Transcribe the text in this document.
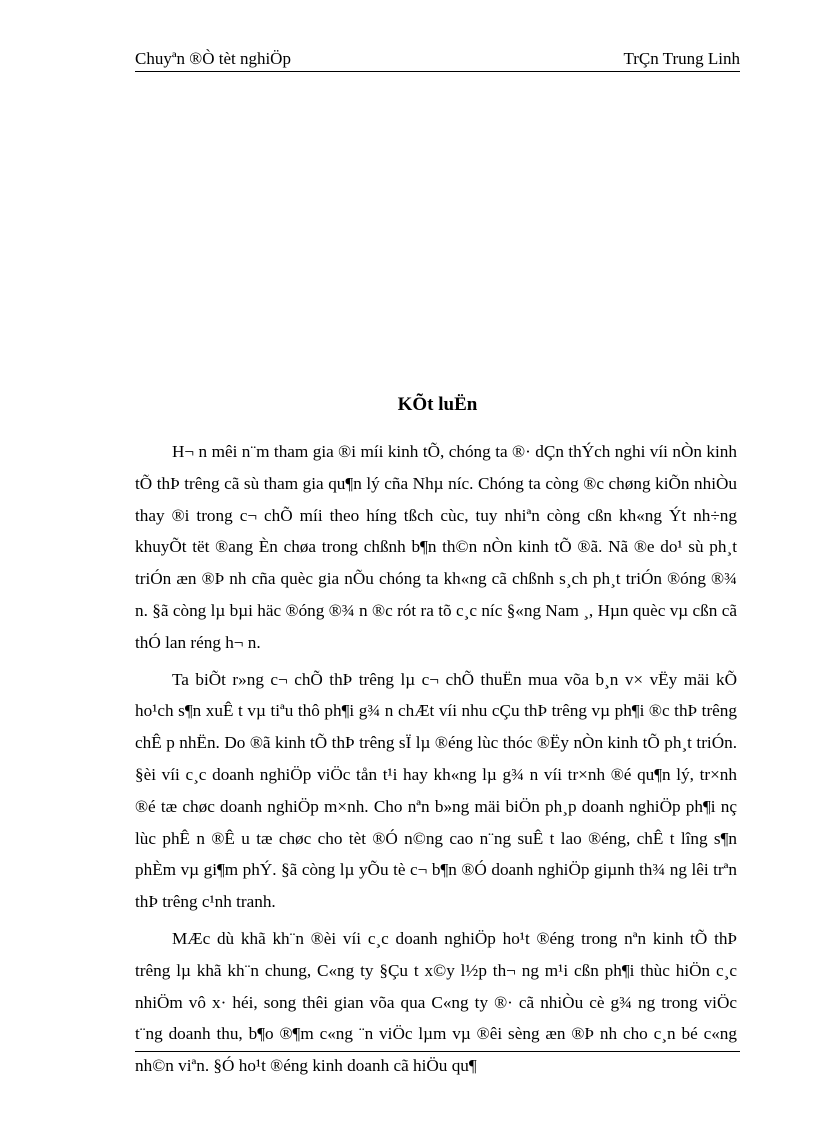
Chuyªn ®Ò tèt nghiÖp	TrÇn Trung Linh
KÕt luËn

H¬ n mêi n¨m tham gia ®i míi kinh tÕ, chóng ta ®· dÇn thÝch nghi víi nÒn kinh tÕ thÞ trêng cã sù tham gia qu¶n lý cña Nhµ níc. Chóng ta còng ®c chøng kiÕn nhiÒu thay ®i trong c¬ chÕ míi theo híng tßch cùc, tuy nhiªn còng cßn kh«ng Ýt nh÷ng khuyÕt tët ®ang Èn chøa trong chßnh b¶n th©n nÒn kinh tÕ ®ã. Nã ®e do¹ sù ph¸t triÓn æn ®Þ nh cña quèc gia nÕu chóng ta kh«ng cã chßnh s¸ch ph¸t triÓn ®óng ®¾ n. §ã còng lµ bµi häc ®óng ®¾ n ®c rót ra tõ c¸c níc §«ng Nam ¸, Hµn quèc vµ cßn cã thÓ lan réng h¬ n.

Ta biÕt r»ng c¬ chÕ thÞ trêng lµ c¬ chÕ thuËn mua võa b¸n v× vËy mäi kÕ ho¹ch s¶n xuÊ t vµ tiªu thô ph¶i g¾ n chÆt víi nhu cÇu thÞ trêng vµ ph¶i ®c thÞ trêng chÊ p nhËn. Do ®ã kinh tÕ thÞ trêng sÏ lµ ®éng lùc thóc ®Ëy nÒn kinh tÕ ph¸t triÓn. §èi víi c¸c doanh nghiÖp viÖc tån t¹i hay kh«ng lµ g¾ n víi tr×nh ®é qu¶n lý, tr×nh ®é tæ chøc doanh nghiÖp m×nh. Cho nªn b»ng mäi biÖn ph¸p doanh nghiÖp ph¶i nç lùc phÊ n ®Ê u tæ chøc cho tèt ®Ó n©ng cao n¨ng suÊ t lao ®éng, chÊ t lîng s¶n phÈm vµ gi¶m phÝ. §ã còng lµ yÕu tè c¬ b¶n ®Ó doanh nghiÖp giµnh th¾ ng lêi trªn thÞ trêng c¹nh tranh.

MÆc dù khã kh¨n ®èi víi c¸c doanh nghiÖp ho¹t ®éng trong nªn kinh tÕ thÞ trêng lµ khã kh¨n chung, C«ng ty §Çu t x©y l½p th¬ ng m¹i cßn ph¶i thùc hiÖn c¸c nhiÖm vô x· héi, song thêi gian võa qua C«ng ty ®· cã nhiÒu cè g¾ ng trong viÖc t¨ng doanh thu, b¶o ®¶m c«ng ¨n viÖc lµm vµ ®êi sèng æn ®Þ nh cho c¸n bé c«ng nh©n viªn. §Ó ho¹t ®éng kinh doanh cã hiÖu qu¶
